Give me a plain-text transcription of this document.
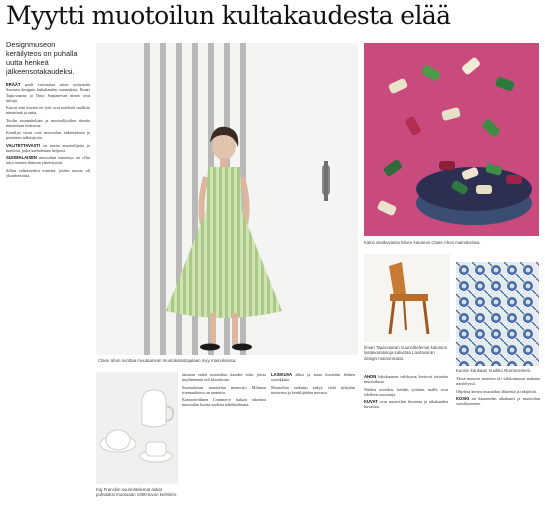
Myytti muotoilun kultakaudesta elää
Designmuseon keräilyteos on puhalla uutta henkeä jälkeensotakaudeksi.

ERÄÄT puoli vuosisataa sitten syntyneitä Suomen designin kultakauden suuruuksia, Ilmari Tapiovaaran ja Timo Sarpanevan nimet ovat tuttuja.

Kuosit niin kuvien eri työt ovat mielestä mallisto nimetöntä ja uutta.

Tuolin suunnittelijan ja muotoilijoiden ideoita muistetaan teoksissa.

Keräilyn virrat ovat muotoilun näkemyksen ja perinteen tulkitsijoita.

VALITETTAVASTI on useita muotoilijoita ja tuotteita, jotka unohdetaan helposti.

SUOMALAISEN muotoilun menestys on ollut tulos monen ihmisen yhteistyöstä.

Sillon valmistettiin esineitä, joiden muoto oli yksinkertaista.

Claire ahon ovottaa muutaanvan muotokalastajalaan myy mainoksissa.
Kaksi sisäkuvassa Einen kauneus Claire Ahon mainoksissa.
Ilmari Tapiovaaran suunnittelemat kaluston lasitavarataloja kalustaa Lasitavaran design-mainonnaksi.
Kuosin kankaan Vuokko Nurmesniemi.
Kaj Franckin suunnittelemat astiat puhtaaksi muotoaan 1950-luvun keittiöön.

tutustaa eräitä muotoilun kauden töitä, joista myöhemmin tuli klassikoita.

Suomalaisen muotoilun menestys Milanon triennaaleissa on tunnettu.

Kansainvälinen Commerce haluaa rakentaa muotoilun kuvaa uudesta näkökulmasta.

LASIKUVA alkoi ja asiaa kuvattiin lehtien suosikkina.

Muotoilun vaikutus näkyy vielä nykyään tuotteissa ja keräilijöiden innossa.

AHON lukukausien valokuvat kertovat tarinoita muotoilusta.

Näiden asioiden, heidän työtään, mallit ovat edelleen suosittuja.

KUVAT ovat muotoilun historiaa ja aikakauden kuvastoa.

Tässä museon tuotteita oli valikoimassa mukana näyttelyssä.

Ohjelma kertoo muotoilun lähteistä ja tekijöistä.

KOSKI on kauneuden aikakausi ja muotoilun vuosikymmen.
